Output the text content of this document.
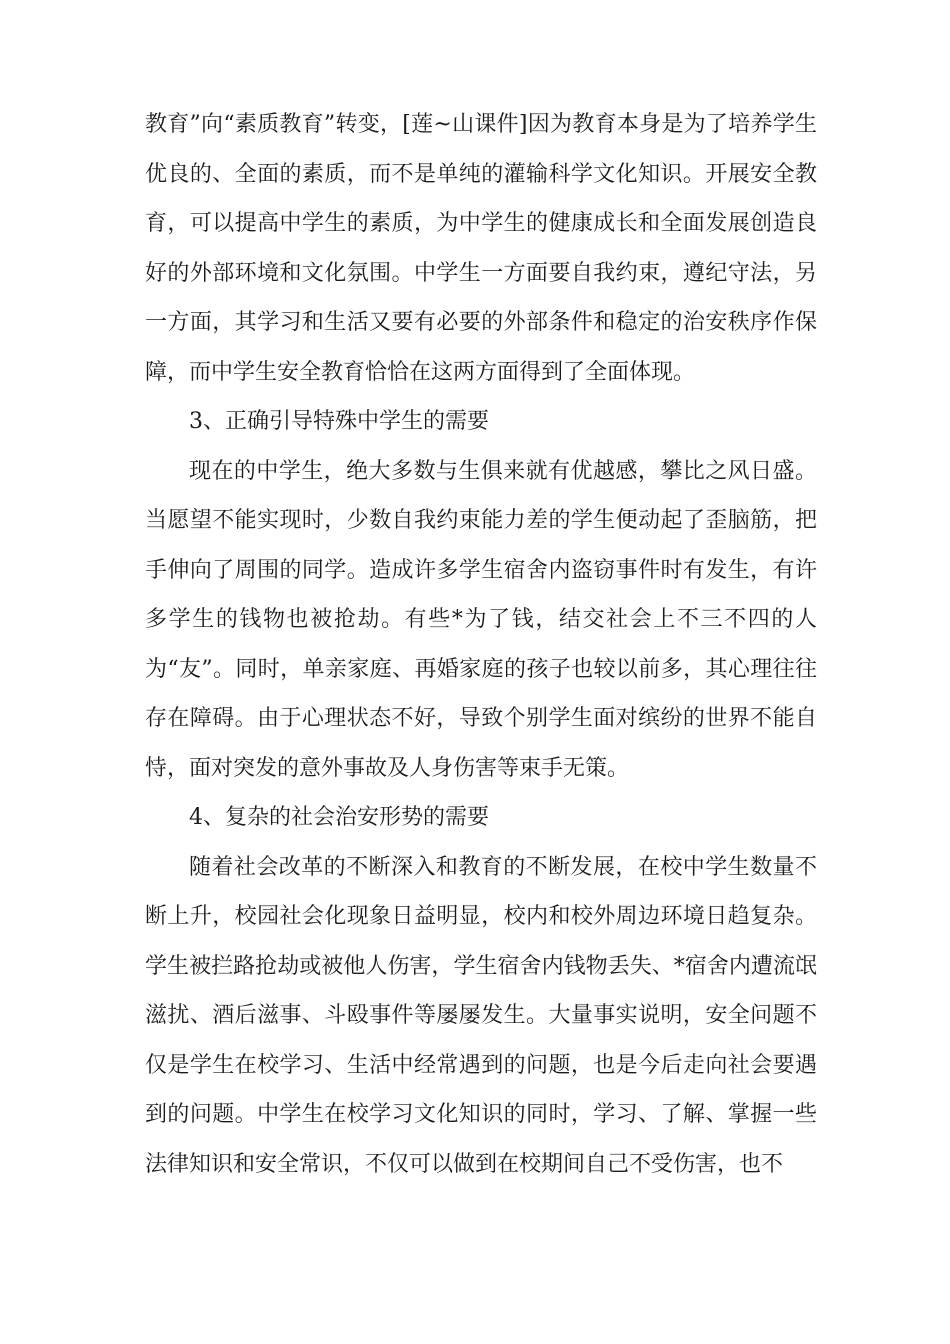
教育”向“素质教育”转变，[莲~山课件]因为教育本身是为了培养学生优良的、全面的素质，而不是单纯的灌输科学文化知识。开展安全教育，可以提高中学生的素质，为中学生的健康成长和全面发展创造良好的外部环境和文化氛围。中学生一方面要自我约束，遵纪守法，另一方面，其学习和生活又要有必要的外部条件和稳定的治安秩序作保障，而中学生安全教育恰恰在这两方面得到了全面体现。

3、正确引导特殊中学生的需要

现在的中学生，绝大多数与生俱来就有优越感，攀比之风日盛。当愿望不能实现时，少数自我约束能力差的学生便动起了歪脑筋，把手伸向了周围的同学。造成许多学生宿舍内盗窃事件时有发生，有许多学生的钱物也被抢劫。有些*为了钱，结交社会上不三不四的人为“友”。同时，单亲家庭、再婚家庭的孩子也较以前多，其心理往往存在障碍。由于心理状态不好，导致个别学生面对缤纷的世界不能自恃，面对突发的意外事故及人身伤害等束手无策。

4、复杂的社会治安形势的需要

随着社会改革的不断深入和教育的不断发展，在校中学生数量不断上升，校园社会化现象日益明显，校内和校外周边环境日趋复杂。学生被拦路抢劫或被他人伤害，学生宿舍内钱物丢失、*宿舍内遭流氓滋扰、酒后滋事、斗殴事件等屡屡发生。大量事实说明，安全问题不仅是学生在校学习、生活中经常遇到的问题，也是今后走向社会要遇到的问题。中学生在校学习文化知识的同时，学习、了解、掌握一些法律知识和安全常识，不仅可以做到在校期间自己不受伤害，也不
